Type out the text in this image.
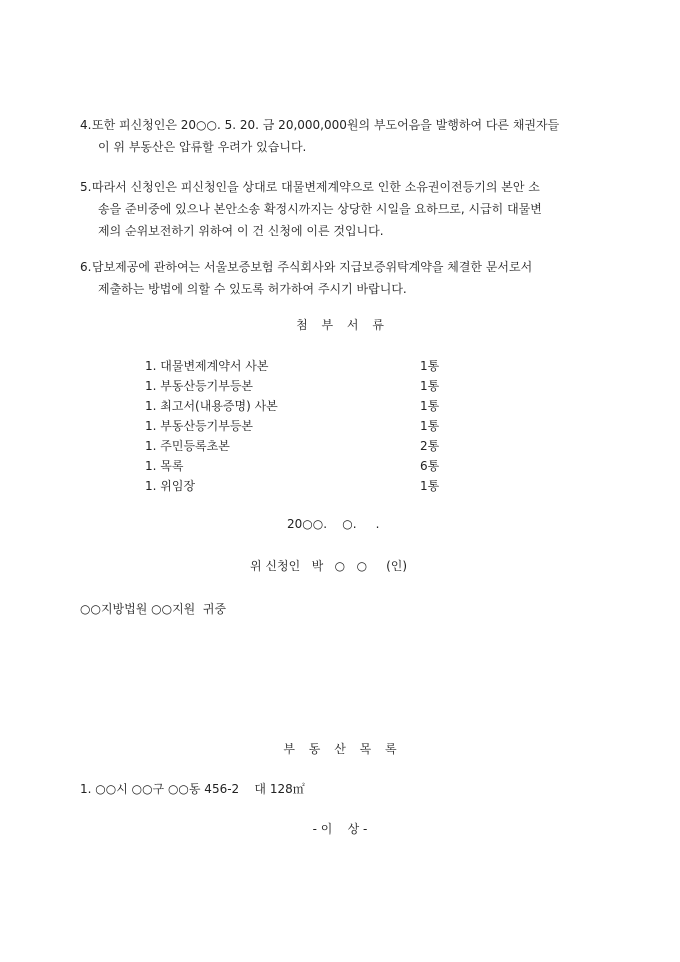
4. 또한 피신청인은 20○○. 5. 20. 금 20,000,000원의 부도어음을 발행하여 다른 채권자들
이 위 부동산은 압류할 우려가 있습니다.
5. 따라서 신청인은 피신청인을 상대로 대물변제계약으로 인한 소유권이전등기의 본안 소
송을 준비중에 있으나 본안소송 확정시까지는 상당한 시일을 요하므로, 시급히 대물변
제의 순위보전하기 위하여 이 건 신청에 이른 것입니다.
6. 담보제공에 관하여는 서울보증보험 주식회사와 지급보증위탁계약을 체결한 문서로서
제출하는 방법에 의할 수 있도록 허가하여 주시기 바랍니다.
첨 부 서 류
1. 대물변제계약서 사본	1통
1. 부동산등기부등본	1통
1. 최고서(내용증명) 사본	1통
1. 부동산등기부등본	1통
1. 주민등록초본	2통
1. 목록	6통
1. 위임장	1통
20○○.    ○.     .
위 신청인   박   ○   ○     (인)
○○지방법원 ○○지원  귀중
부 동 산 목 록
1. ○○시 ○○구 ○○동 456-2    대 128㎡
- 이    상 -
